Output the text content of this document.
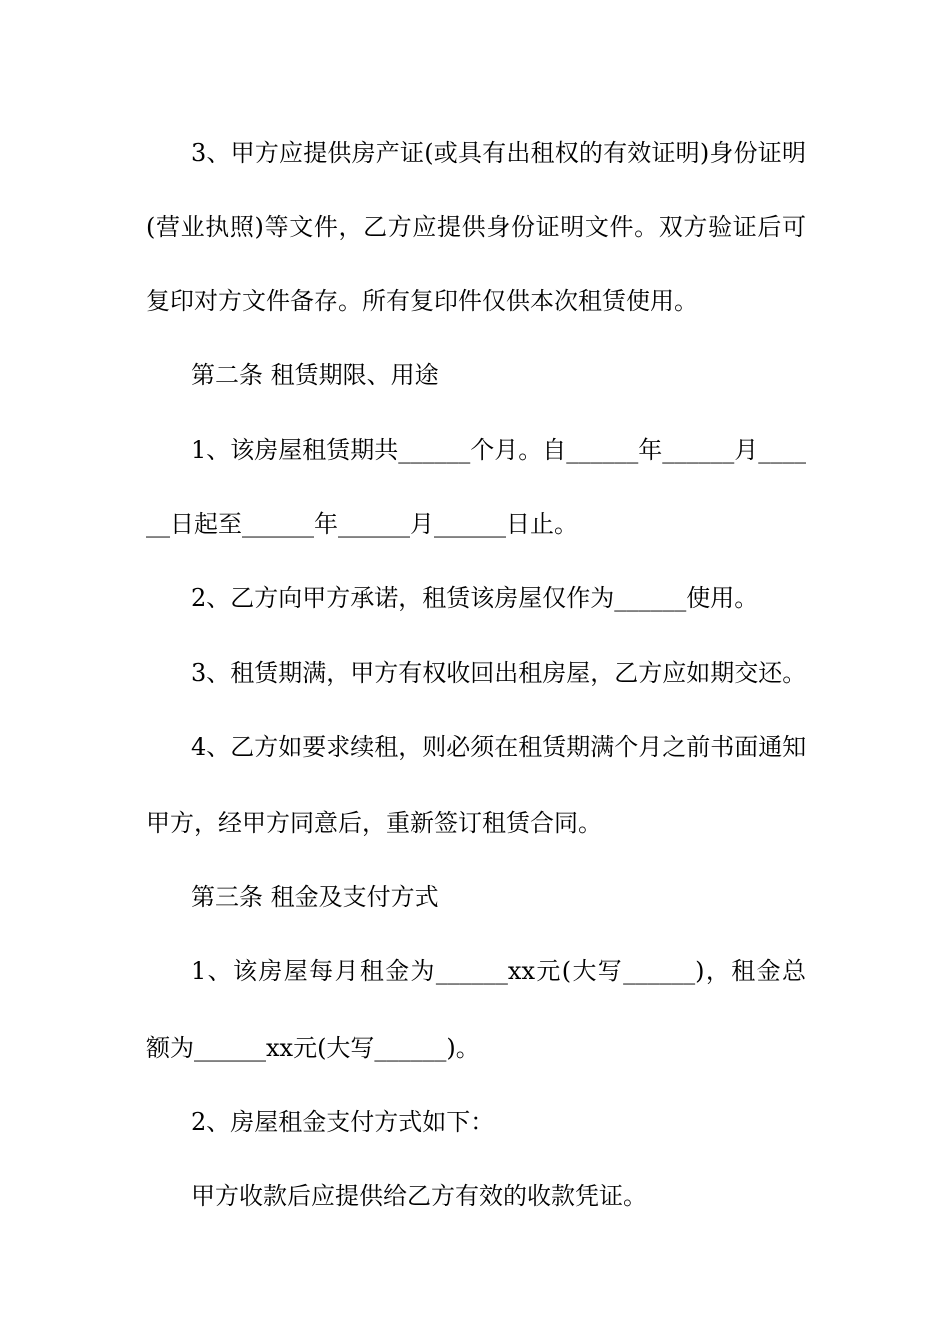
3、甲方应提供房产证(或具有出租权的有效证明)身份证明
(营业执照)等文件，乙方应提供身份证明文件。双方验证后可
复印对方文件备存。所有复印件仅供本次租赁使用。
第二条 租赁期限、用途
1、该房屋租赁期共______个月。自______年______月____
__日起至______年______月______日止。
2、乙方向甲方承诺，租赁该房屋仅作为______使用。
3、租赁期满，甲方有权收回出租房屋，乙方应如期交还。
4、乙方如要求续租，则必须在租赁期满个月之前书面通知
甲方，经甲方同意后，重新签订租赁合同。
第三条 租金及支付方式
1、该房屋每月租金为______xx元(大写______)，租金总
额为______xx元(大写______)。
2、房屋租金支付方式如下：
甲方收款后应提供给乙方有效的收款凭证。
